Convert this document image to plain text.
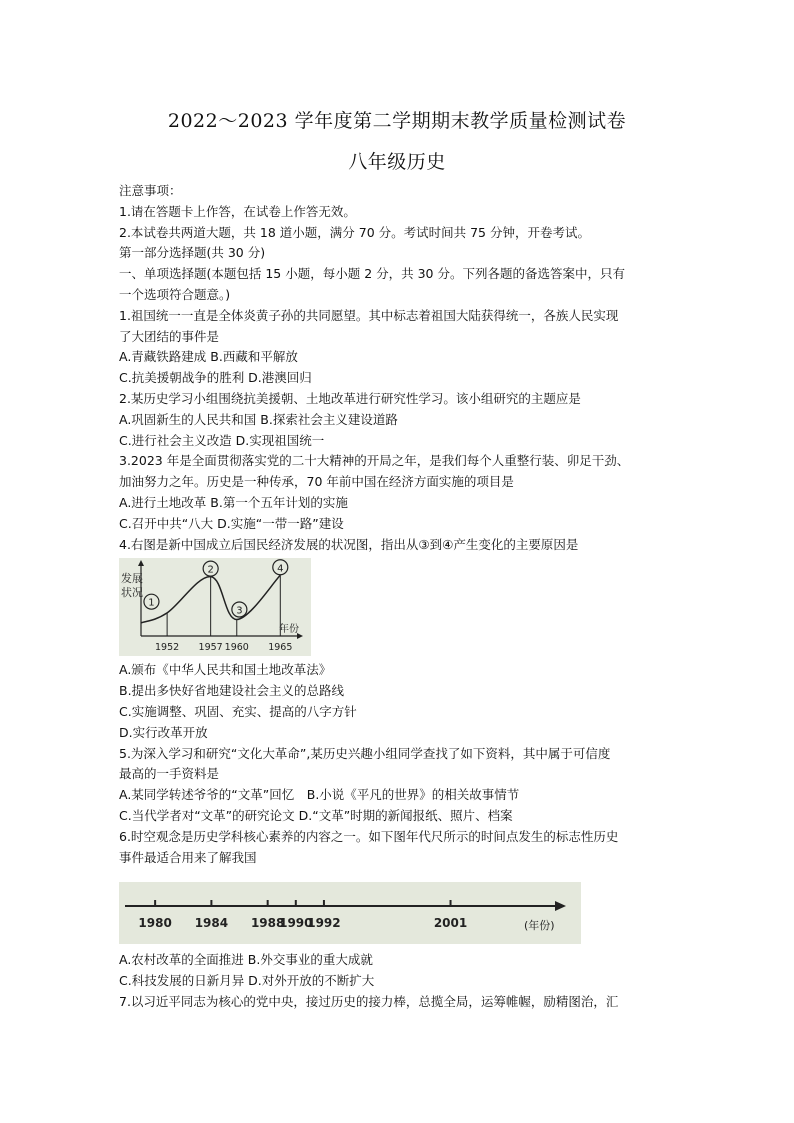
2022～2023 学年度第二学期期末教学质量检测试卷
八年级历史
注意事项：
1.请在答题卡上作答，在试卷上作答无效。
2.本试卷共两道大题，共 18 道小题，满分 70 分。考试时间共 75 分钟，开卷考试。
第一部分选择题(共 30 分)
一、单项选择题(本题包括 15 小题，每小题 2 分，共 30 分。下列各题的备选答案中，只有
一个选项符合题意。)
1.祖国统一一直是全体炎黄子孙的共同愿望。其中标志着祖国大陆获得统一，各族人民实现
了大团结的事件是
A.青藏铁路建成 B.西藏和平解放
C.抗美援朝战争的胜利 D.港澳回归
2.某历史学习小组围绕抗美援朝、土地改革进行研究性学习。该小组研究的主题应是
A.巩固新生的人民共和国 B.探索社会主义建设道路
C.进行社会主义改造 D.实现祖国统一
3.2023 年是全面贯彻落实党的二十大精神的开局之年，是我们每个人重整行装、卯足干劲、
加油努力之年。历史是一种传承，70 年前中国在经济方面实施的项目是
A.进行土地改革 B.第一个五年计划的实施
C.召开中共“八大 D.实施“一带一路”建设
4.右图是新中国成立后国民经济发展的状况图，指出从③到④产生变化的主要原因是
发展状况
1
2
3
4
1952 1957 1960 1965
年份
A.颁布《中华人民共和国土地改革法》
B.提出多快好省地建设社会主义的总路线
C.实施调整、巩固、充实、提高的八字方针
D.实行改革开放
5.为深入学习和研究“文化大革命”,某历史兴趣小组同学查找了如下资料，其中属于可信度
最高的一手资料是
A.某同学转述爷爷的“文革”回忆　B.小说《平凡的世界》的相关故事情节
C.当代学者对“文革”的研究论文 D.“文革”时期的新闻报纸、照片、档案
6.时空观念是历史学科核心素养的内容之一。如下图年代尺所示的时间点发生的标志性历史
事件最适合用来了解我国
1980 1984 1988
1990
1992	2001	(年份)
A.农村改革的全面推进 B.外交事业的重大成就
C.科技发展的日新月异 D.对外开放的不断扩大
7.以习近平同志为核心的党中央，接过历史的接力棒，总揽全局，运筹帷幄，励精图治，汇
